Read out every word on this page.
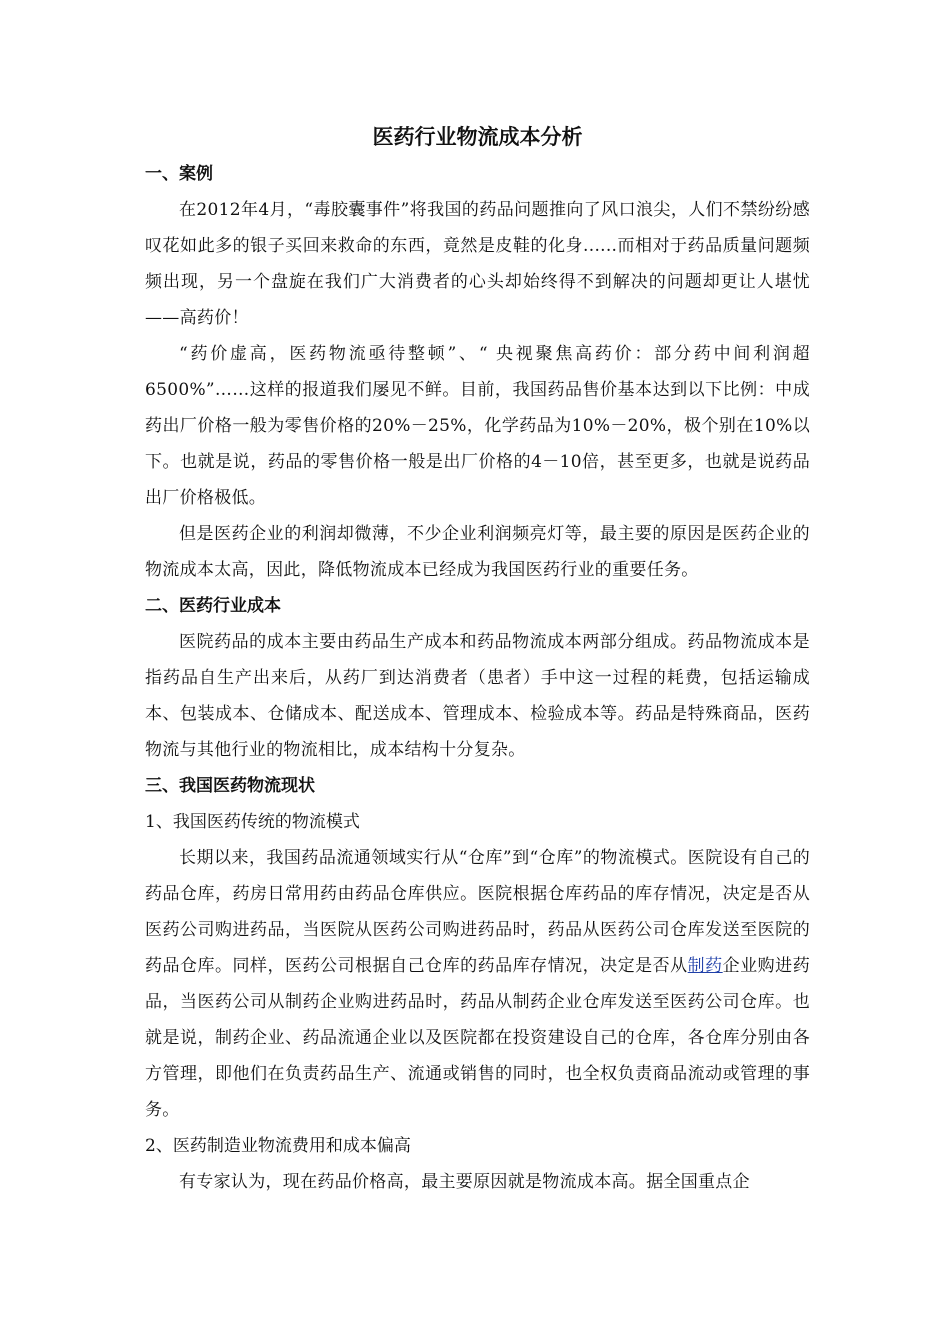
医药行业物流成本分析

一、案例

在2012年4月，“毒胶囊事件”将我国的药品问题推向了风口浪尖，人们不禁纷纷感叹花如此多的银子买回来救命的东西，竟然是皮鞋的化身......而相对于药品质量问题频频出现，另一个盘旋在我们广大消费者的心头却始终得不到解决的问题却更让人堪忧——高药价！

“药价虚高，医药物流亟待整顿”、“ 央视聚焦高药价：部分药中间利润超6500%”……这样的报道我们屡见不鲜。目前，我国药品售价基本达到以下比例：中成药出厂价格一般为零售价格的20%－25%，化学药品为10%－20%，极个别在10%以下。也就是说，药品的零售价格一般是出厂价格的4－10倍，甚至更多，也就是说药品出厂价格极低。

但是医药企业的利润却微薄，不少企业利润频亮灯等，最主要的原因是医药企业的物流成本太高，因此，降低物流成本已经成为我国医药行业的重要任务。

二、医药行业成本

医院药品的成本主要由药品生产成本和药品物流成本两部分组成。药品物流成本是指药品自生产出来后，从药厂到达消费者（患者）手中这一过程的耗费，包括运输成本、包装成本、仓储成本、配送成本、管理成本、检验成本等。药品是特殊商品，医药物流与其他行业的物流相比，成本结构十分复杂。

三、我国医药物流现状

1、我国医药传统的物流模式

长期以来，我国药品流通领域实行从“仓库”到“仓库”的物流模式。医院设有自己的药品仓库，药房日常用药由药品仓库供应。医院根据仓库药品的库存情况，决定是否从医药公司购进药品，当医院从医药公司购进药品时，药品从医药公司仓库发送至医院的药品仓库。同样，医药公司根据自己仓库的药品库存情况，决定是否从制药企业购进药品，当医药公司从制药企业购进药品时，药品从制药企业仓库发送至医药公司仓库。也就是说，制药企业、药品流通企业以及医院都在投资建设自己的仓库，各仓库分别由各方管理，即他们在负责药品生产、流通或销售的同时，也全权负责商品流动或管理的事务。

2、医药制造业物流费用和成本偏高

有专家认为，现在药品价格高，最主要原因就是物流成本高。据全国重点企
